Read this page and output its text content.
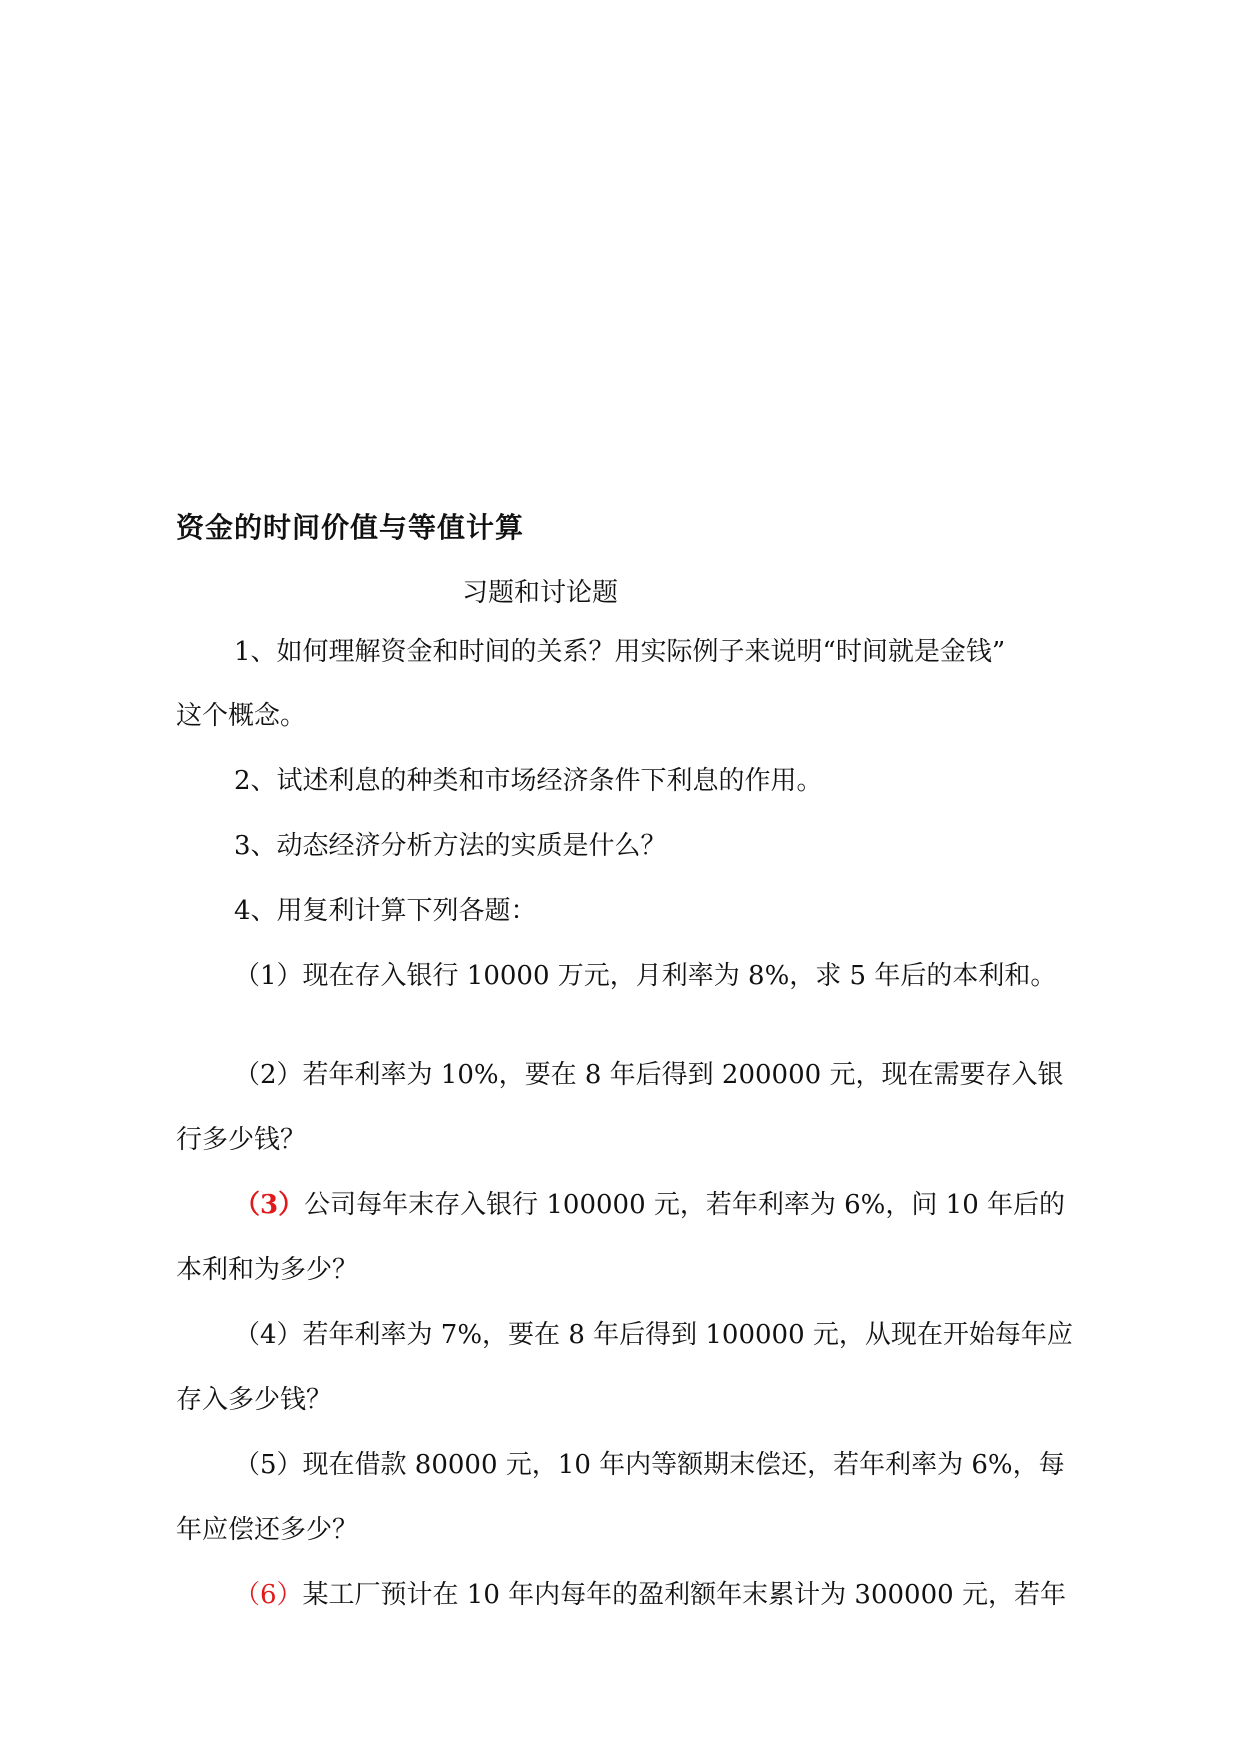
资金的时间价值与等值计算
习题和讨论题
1、如何理解资金和时间的关系？用实际例子来说明“时间就是金钱”
这个概念。
2、试述利息的种类和市场经济条件下利息的作用。
3、动态经济分析方法的实质是什么？
4、用复利计算下列各题：
（1）现在存入银行 10000 万元，月利率为 8%，求 5 年后的本利和。
（2）若年利率为 10%，要在 8 年后得到 200000 元，现在需要存入银
行多少钱？
（3）公司每年末存入银行 100000 元，若年利率为 6%，问 10 年后的
本利和为多少？
（4）若年利率为 7%，要在 8 年后得到 100000 元，从现在开始每年应
存入多少钱？
（5）现在借款 80000 元，10 年内等额期末偿还，若年利率为 6%，每
年应偿还多少？
（6）某工厂预计在 10 年内每年的盈利额年末累计为 300000 元，若年
